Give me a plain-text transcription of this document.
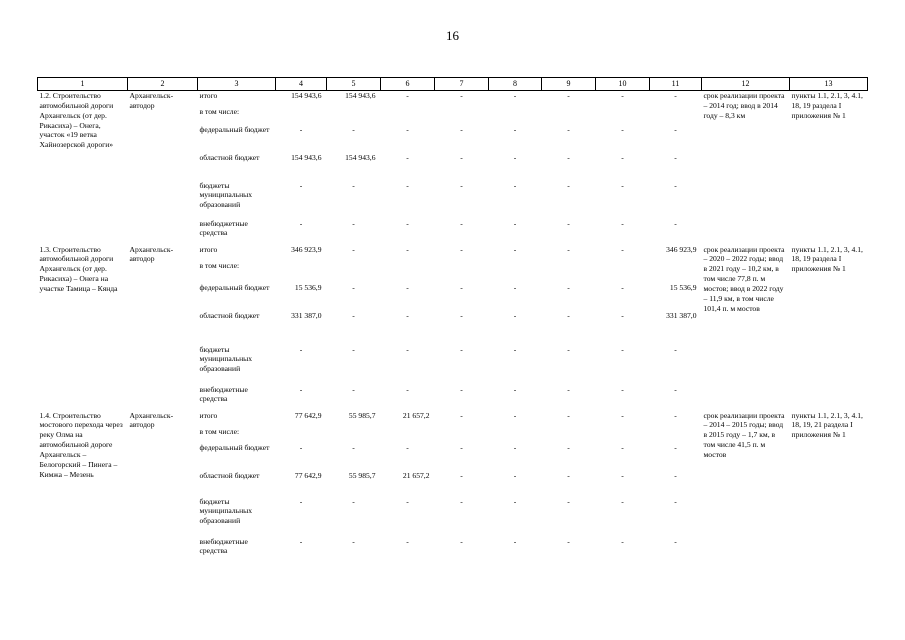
16
1	2	3	4	5	6	7	8	9	10	11	12	13
1.2. Строительство автомобильной дороги Архангельск (от дер. Рикасиха) – Онега, участок «19 ветка Хайнозерской дороги»	Архангельск-автодор	итого	154 943,6	154 943,6	-	-	-	-	-	-	срок реализации проекта – 2014 год; ввод в 2014 году – 8,3 км	пункты 1.1, 2.1, 3, 4.1, 18, 19 раздела I приложения № 1
		в том числе:										
		федеральный бюджет	-	-	-	-	-	-	-	-		
		областной бюджет	154 943,6	154 943,6	-	-	-	-	-	-		
		бюджеты муниципальных образований	-	-	-	-	-	-	-	-		
		внебюджетные средства	-	-	-	-	-	-	-	-		
1.3. Строительство автомобильной дороги Архангельск (от дер. Рикасиха) – Онега на участке Тамица – Кянда	Архангельск-автодор	итого	346 923,9	-	-	-	-	-	-	346 923,9	срок реализации проекта – 2020 – 2022 годы; ввод в 2021 году – 10,2 км, в том числе 77,8 п. м мостов; ввод в 2022 году – 11,9 км, в том числе 101,4 п. м мостов	пункты 1.1, 2.1, 3, 4.1, 18, 19 раздела I приложения № 1
		в том числе:										
		федеральный бюджет	15 536,9	-	-	-	-	-	-	15 536,9		
		областной бюджет	331 387,0	-	-	-	-	-	-	331 387,0		
		бюджеты муниципальных образований	-	-	-	-	-	-	-	-		
		внебюджетные средства	-	-	-	-	-	-	-	-		
1.4. Строительство мостового перехода через реку Олма на автомобильной дороге Архангельск – Белогорский – Пинега – Кимжа – Мезень	Архангельск-автодор	итого	77 642,9	55 985,7	21 657,2	-	-	-	-	-	срок реализации проекта – 2014 – 2015 годы; ввод в 2015 году – 1,7 км, в том числе 41,5 п. м мостов	пункты 1.1, 2.1, 3, 4.1, 18, 19, 21 раздела I приложения № 1
		в том числе:										
		федеральный бюджет	-	-	-	-	-	-	-	-		
		областной бюджет	77 642,9	55 985,7	21 657,2	-	-	-	-	-		
		бюджеты муниципальных образований	-	-	-	-	-	-	-	-		
		внебюджетные средства	-	-	-	-	-	-	-	-		
